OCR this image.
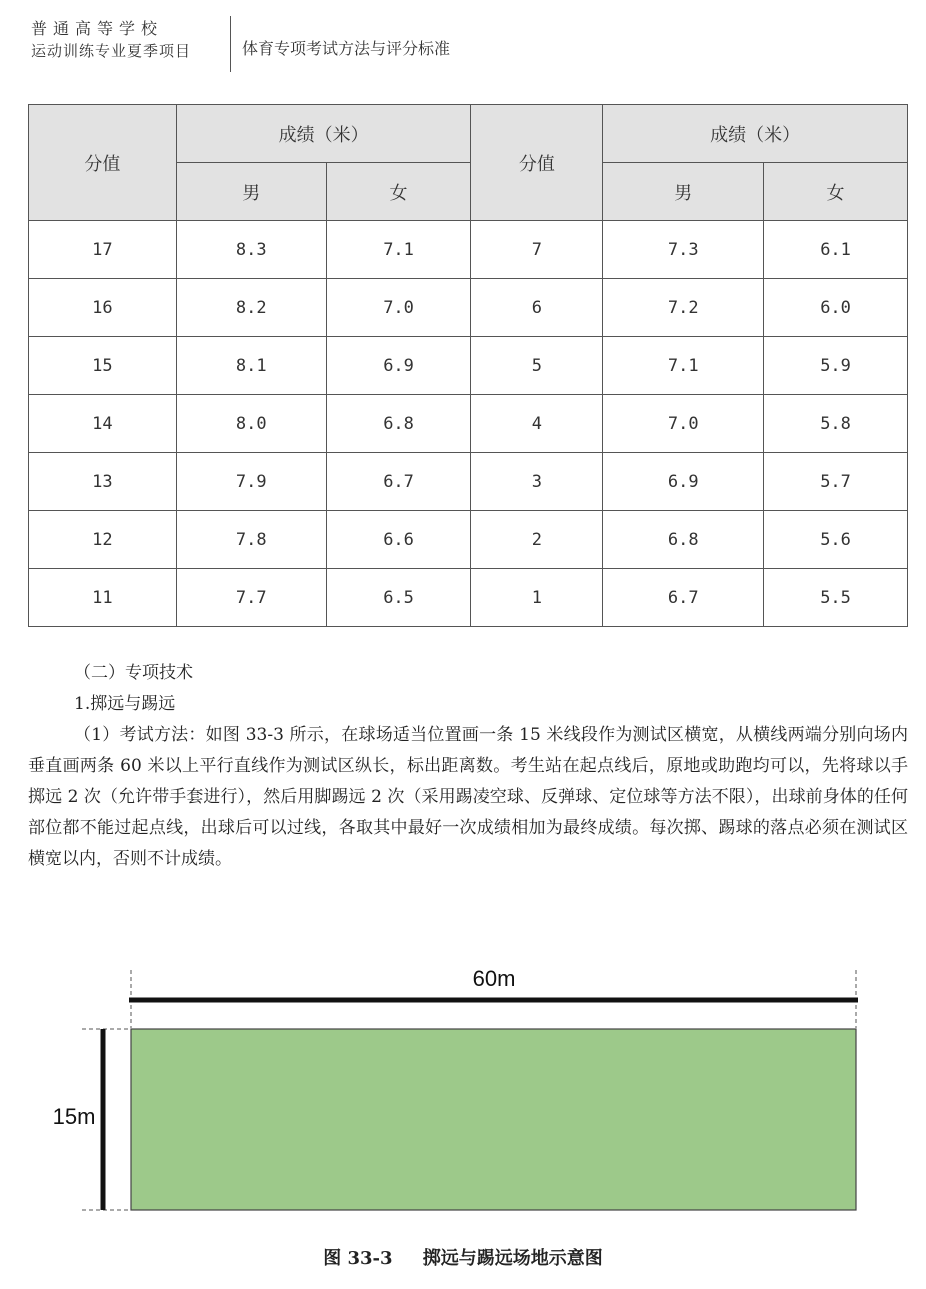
普通高等学校
运动训练专业夏季项目	体育专项考试方法与评分标准
分值	成绩（米）		分值	成绩（米）	
	男	女		男	女
17	8.3	7.1	7	7.3	6.1
16	8.2	7.0	6	7.2	6.0
15	8.1	6.9	5	7.1	5.9
14	8.0	6.8	4	7.0	5.8
13	7.9	6.7	3	6.9	5.7
12	7.8	6.6	2	6.8	5.6
11	7.7	6.5	1	6.7	5.5
（二）专项技术
1.掷远与踢远

（1）考试方法：如图 33-3 所示，在球场适当位置画一条 15 米线段作为测试区横宽，从横线两端分别向场内垂直画两条 60 米以上平行直线作为测试区纵长，标出距离数。考生站在起点线后，原地或助跑均可以，先将球以手掷远 2 次（允许带手套进行），然后用脚踢远 2 次（采用踢凌空球、反弹球、定位球等方法不限），出球前身体的任何部位都不能过起点线，出球后可以过线，各取其中最好一次成绩相加为最终成绩。每次掷、踢球的落点必须在测试区横宽以内，否则不计成绩。

60m
15m
图 33-3 掷远与踢远场地示意图
